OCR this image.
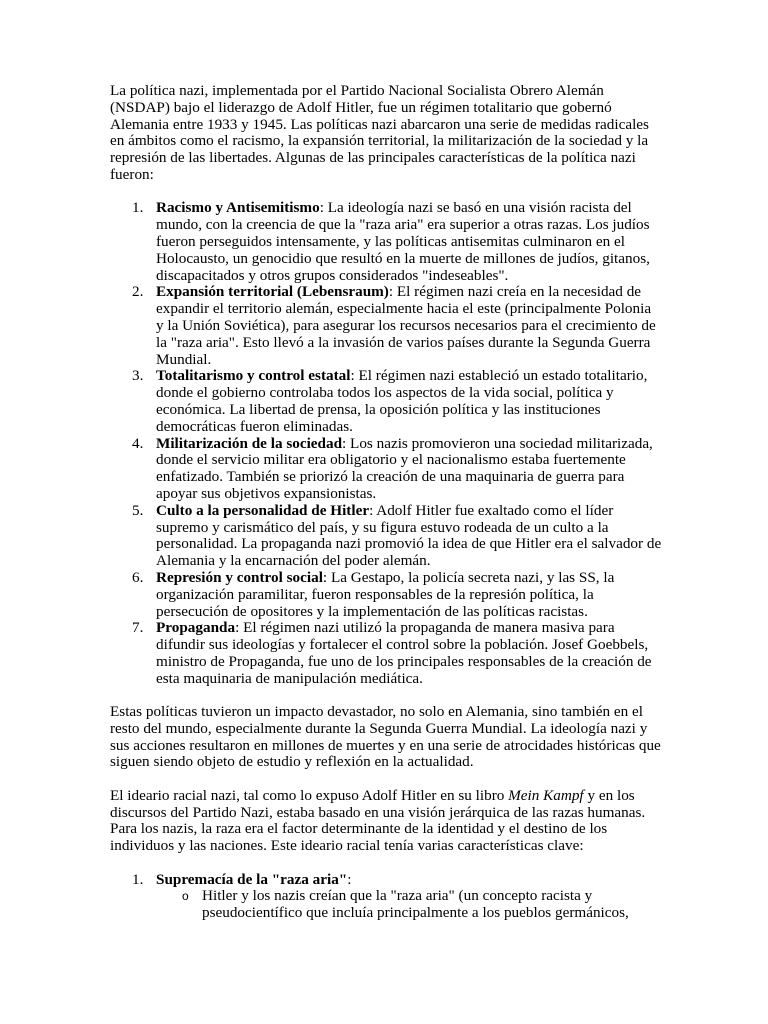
La política nazi, implementada por el Partido Nacional Socialista Obrero Alemán (NSDAP) bajo el liderazgo de Adolf Hitler, fue un régimen totalitario que gobernó Alemania entre 1933 y 1945. Las políticas nazi abarcaron una serie de medidas radicales en ámbitos como el racismo, la expansión territorial, la militarización de la sociedad y la represión de las libertades. Algunas de las principales características de la política nazi fueron:

1. Racismo y Antisemitismo: La ideología nazi se basó en una visión racista del mundo, con la creencia de que la "raza aria" era superior a otras razas. Los judíos fueron perseguidos intensamente, y las políticas antisemitas culminaron en el Holocausto, un genocidio que resultó en la muerte de millones de judíos, gitanos, discapacitados y otros grupos considerados "indeseables".
2. Expansión territorial (Lebensraum): El régimen nazi creía en la necesidad de expandir el territorio alemán, especialmente hacia el este (principalmente Polonia y la Unión Soviética), para asegurar los recursos necesarios para el crecimiento de la "raza aria". Esto llevó a la invasión de varios países durante la Segunda Guerra Mundial.
3. Totalitarismo y control estatal: El régimen nazi estableció un estado totalitario, donde el gobierno controlaba todos los aspectos de la vida social, política y económica. La libertad de prensa, la oposición política y las instituciones democráticas fueron eliminadas.
4. Militarización de la sociedad: Los nazis promovieron una sociedad militarizada, donde el servicio militar era obligatorio y el nacionalismo estaba fuertemente enfatizado. También se priorizó la creación de una maquinaria de guerra para apoyar sus objetivos expansionistas.
5. Culto a la personalidad de Hitler: Adolf Hitler fue exaltado como el líder supremo y carismático del país, y su figura estuvo rodeada de un culto a la personalidad. La propaganda nazi promovió la idea de que Hitler era el salvador de Alemania y la encarnación del poder alemán.
6. Represión y control social: La Gestapo, la policía secreta nazi, y las SS, la organización paramilitar, fueron responsables de la represión política, la persecución de opositores y la implementación de las políticas racistas.
7. Propaganda: El régimen nazi utilizó la propaganda de manera masiva para difundir sus ideologías y fortalecer el control sobre la población. Josef Goebbels, ministro de Propaganda, fue uno de los principales responsables de la creación de esta maquinaria de manipulación mediática.

Estas políticas tuvieron un impacto devastador, no solo en Alemania, sino también en el resto del mundo, especialmente durante la Segunda Guerra Mundial. La ideología nazi y sus acciones resultaron en millones de muertes y en una serie de atrocidades históricas que siguen siendo objeto de estudio y reflexión en la actualidad.

El ideario racial nazi, tal como lo expuso Adolf Hitler en su libro Mein Kampf y en los discursos del Partido Nazi, estaba basado en una visión jerárquica de las razas humanas. Para los nazis, la raza era el factor determinante de la identidad y el destino de los individuos y las naciones. Este ideario racial tenía varias características clave:

1. Supremacía de la "raza aria":
o Hitler y los nazis creían que la "raza aria" (un concepto racista y pseudocientífico que incluía principalmente a los pueblos germánicos,
